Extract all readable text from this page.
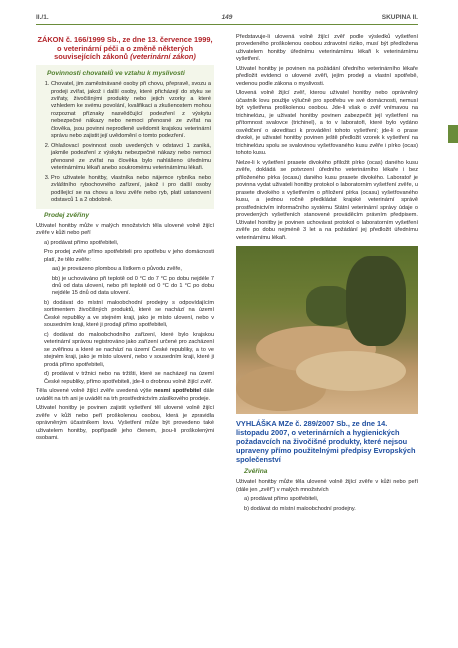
II./1.	149	SKUPINA II.
ZÁKON č. 166/1999 Sb., ze dne 13. července 1999, o veterinární péči a o změně některých souvisejících zákonů (veterinární zákon)
Povinnosti chovatelů ve vztahu k myslivosti
1. Chovatel, jim zaměstnávané osoby při chovu, přepravě, svozu a prodeji zvířat, jakož i další osoby, které přicházejí do styku se zvířaty, živočišnými produkty nebo jejich vzorky a které vzhledem ke svému povolání, kvalifikaci a zkušenostem mohou rozpoznat příznaky nasvědčující podezření z výskytu nebezpečné nákazy nebo nemoci přenosné ze zvířat na člověka, jsou povinni neprodleně uvědomit krajskou veterinární správu nebo zajistit její uvědomění o tomto podezření.
2. Ohlašovací povinnost osob uvedených v odstavci 1 zaniká, jakmile podezření z výskytu nebezpečné nákazy nebo nemoci přenosné ze zvířat na člověka bylo nahlášeno úřednímu veterinárnímu lékaři anebo soukromému veterinárnímu lékaři.
3. Pro uživatele honitby, vlastníka nebo nájemce rybníka nebo zvláštního rybochovného zařízení, jakož i pro další osoby podílející se na chovu a lovu zvěře nebo ryb, platí ustanovení odstavců 1 a 2 obdobně.
Prodej zvěřiny

Uživatel honitby může v malých množstvích těla ulovené volně žijící zvěře v kůži nebo peří

a) prodávat přímo spotřebiteli,

Pro prodej zvěře přímo spotřebiteli pro spotřebu v jeho domácnosti platí, že tělo zvěře:

aa) je provázeno plombou a lístkem o původu zvěře,

bb) je uchováváno při teplotě od 0 °C do 7 °C po dobu nejdéle 7 dnů od data ulovení, nebo při teplotě od 0 °C do 1 °C po dobu nejdéle 15 dnů od data ulovení.

b) dodávat do místní maloobchodní prodejny s odpovídajícím sortimentem živočišných produktů, které se nachází na území České republiky a ve stejném kraji, jako je místo ulovení, nebo v sousedním kraji, které ji prodají přímo spotřebiteli,

c) dodávat do maloobchodního zařízení, které bylo krajskou veterinární správou registrováno jako zařízení určené pro zacházení se zvěřinou a které se nachází na území České republiky, a to ve stejném kraji, jako je místo ulovení, nebo v sousedním kraji, které ji prodá přímo spotřebiteli,

d) prodávat v tržnici nebo na tržišti, které se nacházejí na území České republiky, přímo spotřebiteli, jde-li o drobnou volně žijící zvěř.

Těla ulovené volně žijící zvěře uvedená výše nesmí spotřebitel dále uvádět na trh ani je uvádět na trh prostřednictvím zásilkového prodeje.

Uživatel honitby je povinen zajistit vyšetření těl ulovené volně žijící zvěře v kůži nebo peří proškolenou osobou, která je zpravidla oprávněným účastníkem lovu. Vyšetření může být provedeno také uživatelem honitby, popřípadě jeho členem, jsou-li proškolenými osobami.

Představuje-li ulovená volně žijící zvěř podle výsledků vyšetření provedeného proškolenou osobou zdravotní riziko, musí být předložena uživatelem honitby úřednímu veterinárnímu lékaři k veterinárnímu vyšetření.

Uživatel honitby je povinen na požádání úředního veterinárního lékaře předložit evidenci o ulovené zvěři, jejím prodeji a vlastní spotřebě, vedenou podle zákona o myslivosti.

Ulovená volně žijící zvěř, kterou uživatel honitby nebo oprávněný účastník lovu použije výlučně pro spotřebu ve své domácnosti, nemusí být vyšetřena proškolenou osobou. Jde-li však o zvěř vnímavou na trichinelózu, je uživatel honitby povinen zabezpečit její vyšetření na přítomnost svalovce (trichinel), a to v laboratoři, které bylo vydáno osvědčení o akreditaci k provádění tohoto vyšetření; jde-li o prase divoké, je uživatel honitby povinen ještě předložit vzorek k vyšetření na trichinelózu spolu se svalovinou vyšetřovaného kusu zvěře i pírko (ocas) tohoto kusu.

Nelze-li k vyšetření prasete divokého přiložit pírko (ocas) daného kusu zvěře, dokládá se potvrzení úředního veterinárního lékaře i bez přiloženého pírka (ocasu) daného kusu prasete divokého. Laboratoř je povinna vydat uživateli honitby protokol o laboratorním vyšetření zvěře, u prasete divokého s vyšetřením o přiložení pírka (ocasu) vyšetřovaného kusu, a jednou ročně předkládat krajské veterinární správě prostřednictvím informačního systému Státní veterinární správy údaje o provedených vyšetřeních stanovené prováděcím právním předpisem. Uživatel honitby je povinen uchovávat protokol o laboratorním vyšetření zvěře po dobu nejméně 3 let a na požádání jej předložit úřednímu veterinárnímu lékaři.

VYHLÁŠKA MZe č. 289/2007 Sb., ze dne 14. listopadu 2007, o veterinárních a hygienických požadavcích na živočišné produkty, které nejsou upraveny přímo použitelnými předpisy Evropských společenství
Zvěřina

Uživatel honitby může těla ulovené volně žijící zvěře v kůži nebo peří (dále jen „zvěř“) v malých množstvích

a) prodávat přímo spotřebiteli,

b) dodávat do místní maloobchodní prodejny.
